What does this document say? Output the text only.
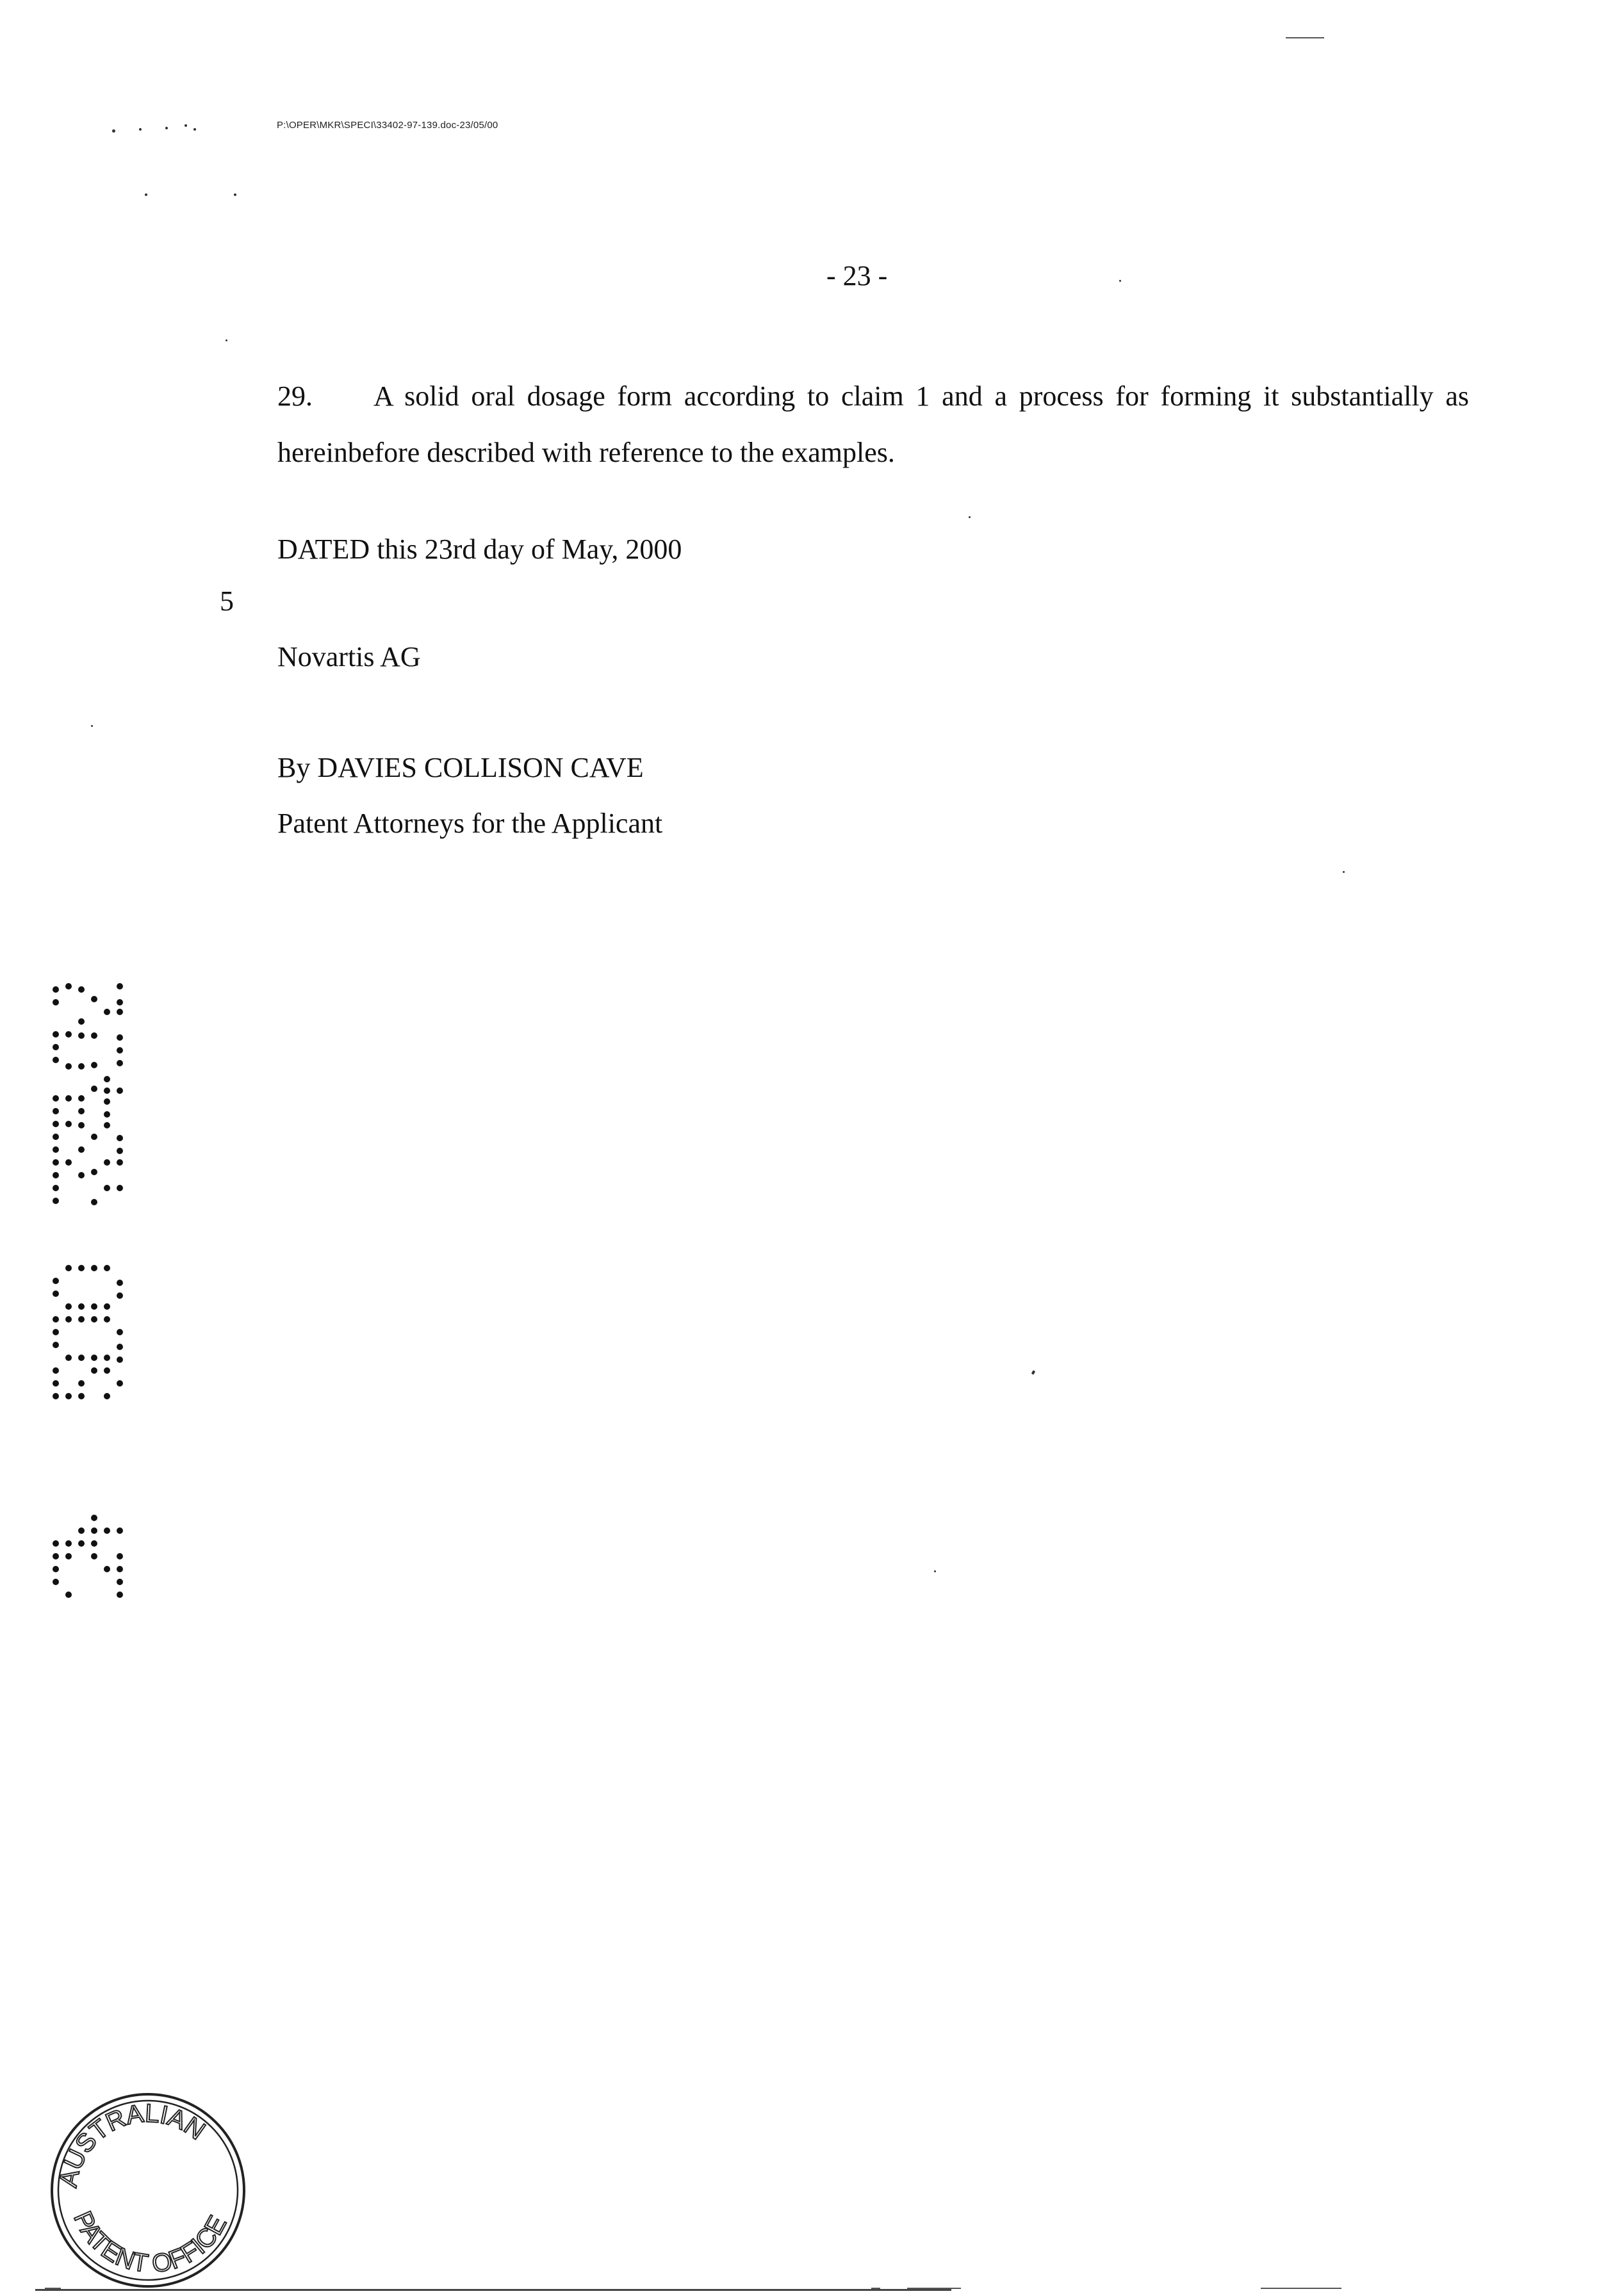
P:\OPER\MKR\SPECI\33402-97-139.doc-23/05/00
- 23 -
29. A solid oral dosage form according to claim 1 and a process for forming it substantially as hereinbefore described with reference to the examples.
5
DATED this 23rd day of May, 2000
Novartis AG
By DAVIES COLLISON CAVE
Patent Attorneys for the Applicant
AUSTRALIAN
PATENT OFFICE
